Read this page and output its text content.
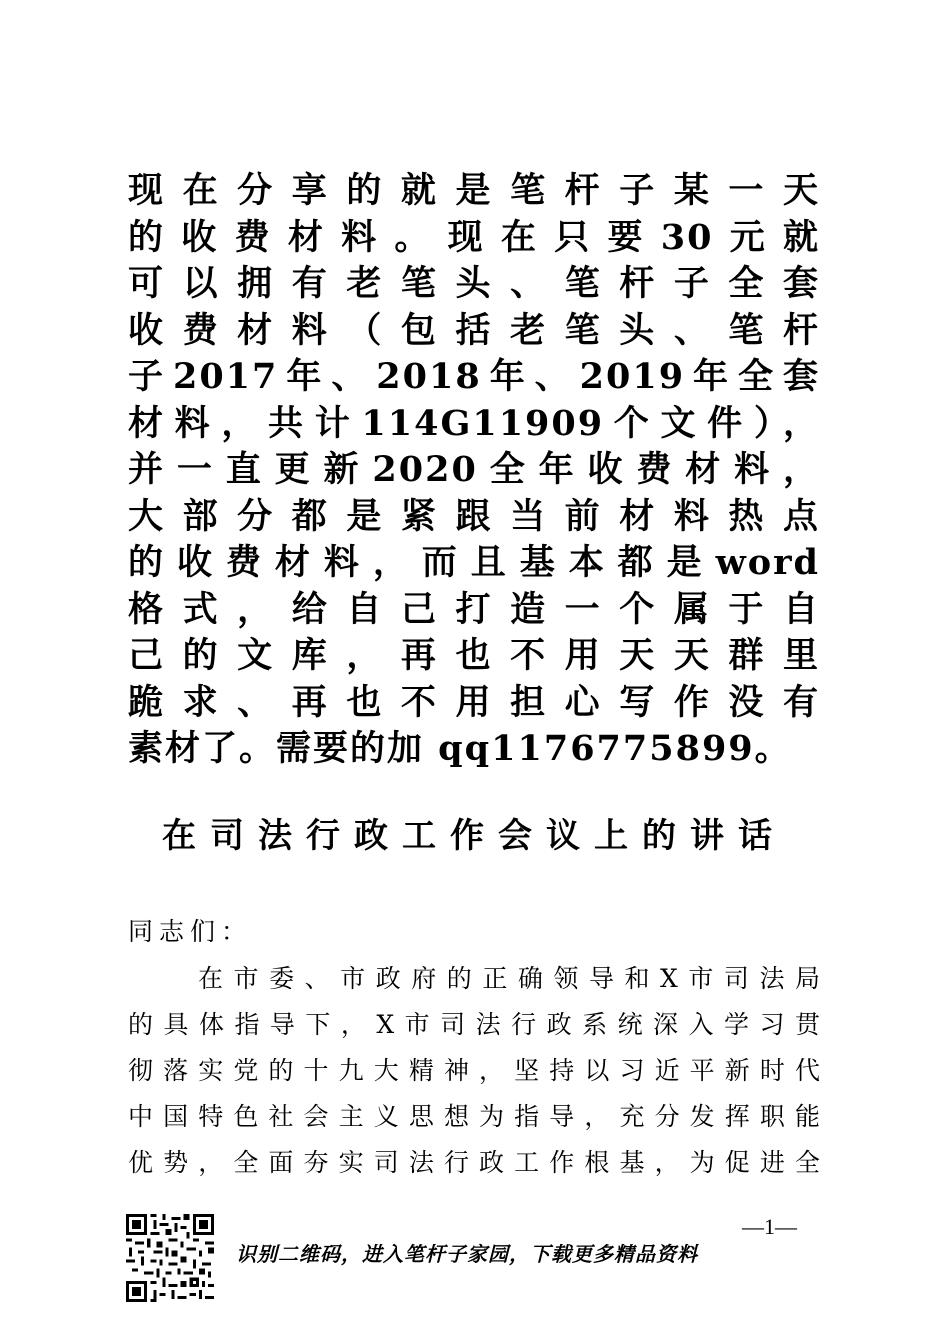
现在分享的就是笔杆子某一天
的收费材料。现在只要30元就
可以拥有老笔头、笔杆子全套
收费材料（包括老笔头、笔杆
子2017年、2018年、2019年全套
材料，共计114G11909个文件），
并一直更新2020全年收费材料，
大部分都是紧跟当前材料热点
的收费材料，而且基本都是word
格式，给自己打造一个属于自
己的文库，再也不用天天群里
跪求、再也不用担心写作没有
素材了。需要的加 qq1176775899。
在司法行政工作会议上的讲话
同志们：
在市委、市政府的正确领导和X市司法局
的具体指导下，X市司法行政系统深入学习贯
彻落实党的十九大精神，坚持以习近平新时代
中国特色社会主义思想为指导，充分发挥职能
优势，全面夯实司法行政工作根基，为促进全
—1—
识别二维码，进入笔杆子家园，下载更多精品资料
